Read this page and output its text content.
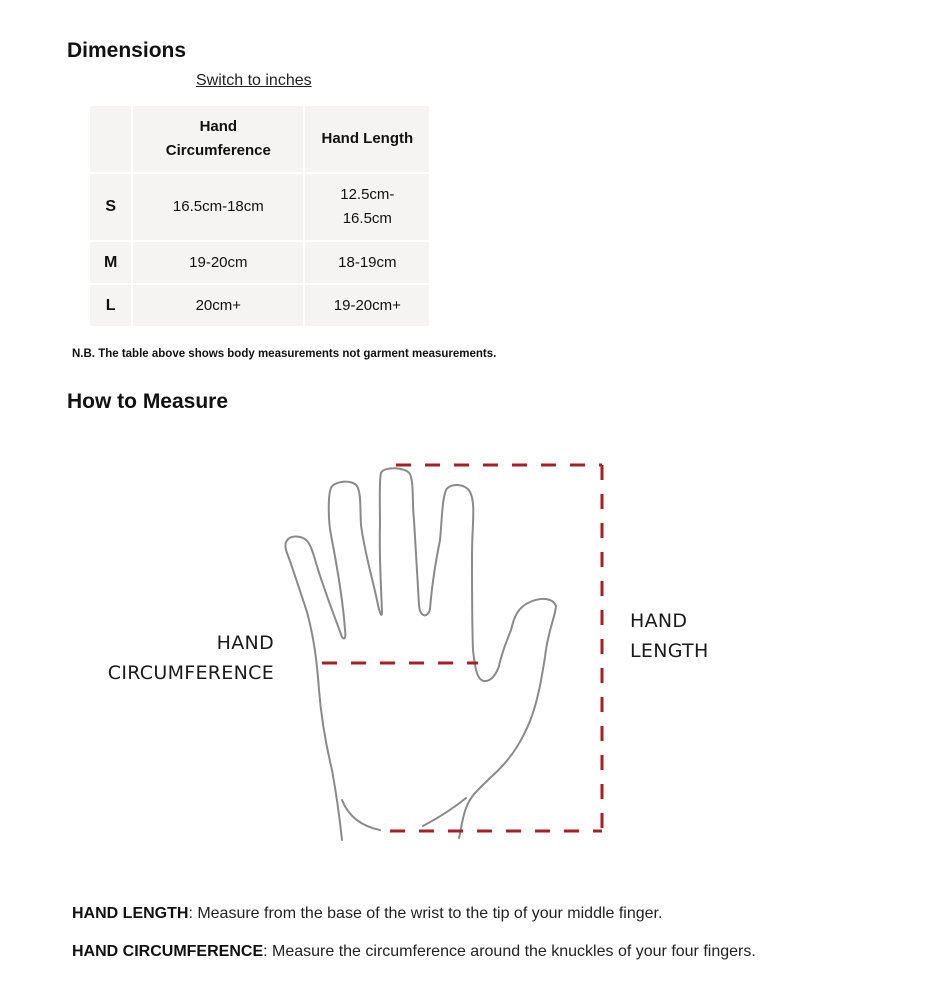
Dimensions
Switch to inches

	Hand Circumference	Hand Length
S	16.5cm-18cm	12.5cm-16.5cm

M	19-20cm	18-19cm
L	20cm+	19-20cm+
N.B. The table above shows body measurements not garment measurements.
How to Measure
HAND
CIRCUMFERENCE
HAND
LENGTH

HAND LENGTH: Measure from the base of the wrist to the tip of your middle finger.

HAND CIRCUMFERENCE: Measure the circumference around the knuckles of your four fingers.
